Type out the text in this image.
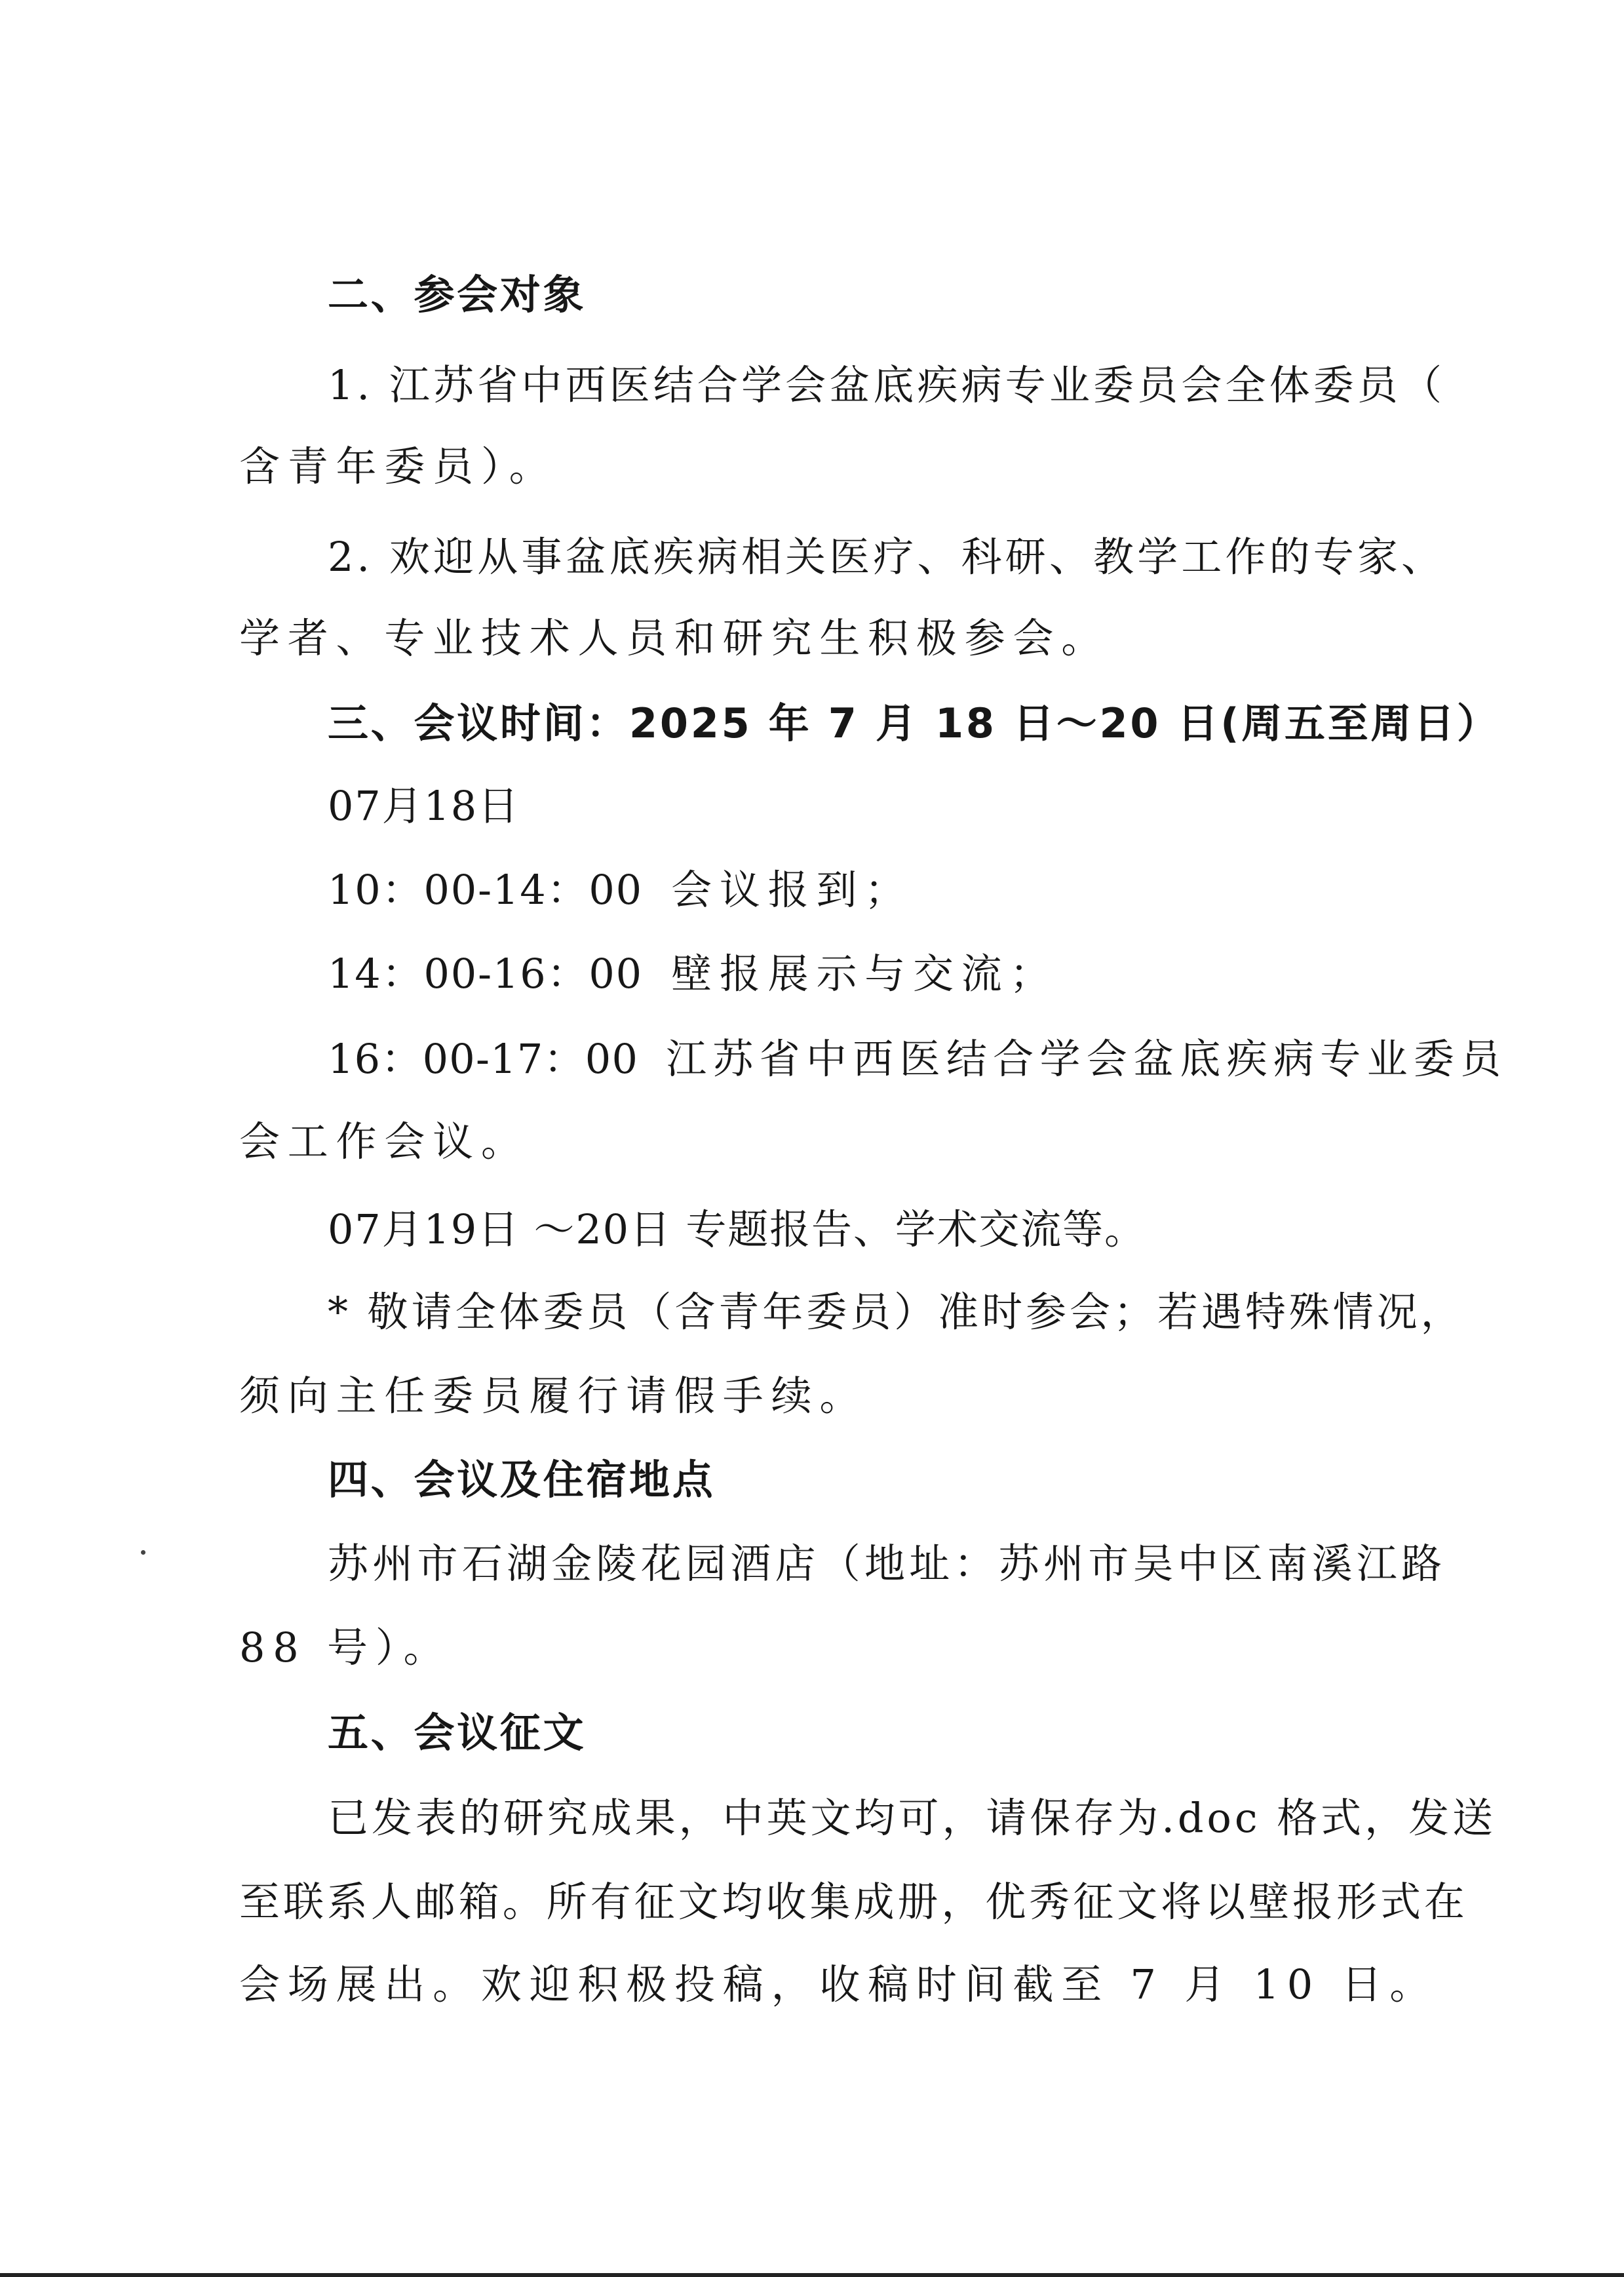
二、参会对象

1. 江苏省中西医结合学会盆底疾病专业委员会全体委员（

含青年委员）。

2. 欢迎从事盆底疾病相关医疗、科研、教学工作的专家、

学者、专业技术人员和研究生积极参会。

三、会议时间：2025 年 7 月 18 日～20 日(周五至周日）

07月18日

10：00-14：00 会议报到；

14：00-16：00 壁报展示与交流；

16：00-17：00 江苏省中西医结合学会盆底疾病专业委员

会工作会议。

07月19日 ～20日 专题报告、学术交流等。

* 敬请全体委员（含青年委员）准时参会；若遇特殊情况，

须向主任委员履行请假手续。

四、会议及住宿地点

苏州市石湖金陵花园酒店（地址：苏州市吴中区南溪江路

88 号）。

五、会议征文

已发表的研究成果，中英文均可，请保存为.doc 格式，发送

至联系人邮箱。所有征文均收集成册，优秀征文将以壁报形式在

会场展出。欢迎积极投稿，收稿时间截至 7 月 10 日。
